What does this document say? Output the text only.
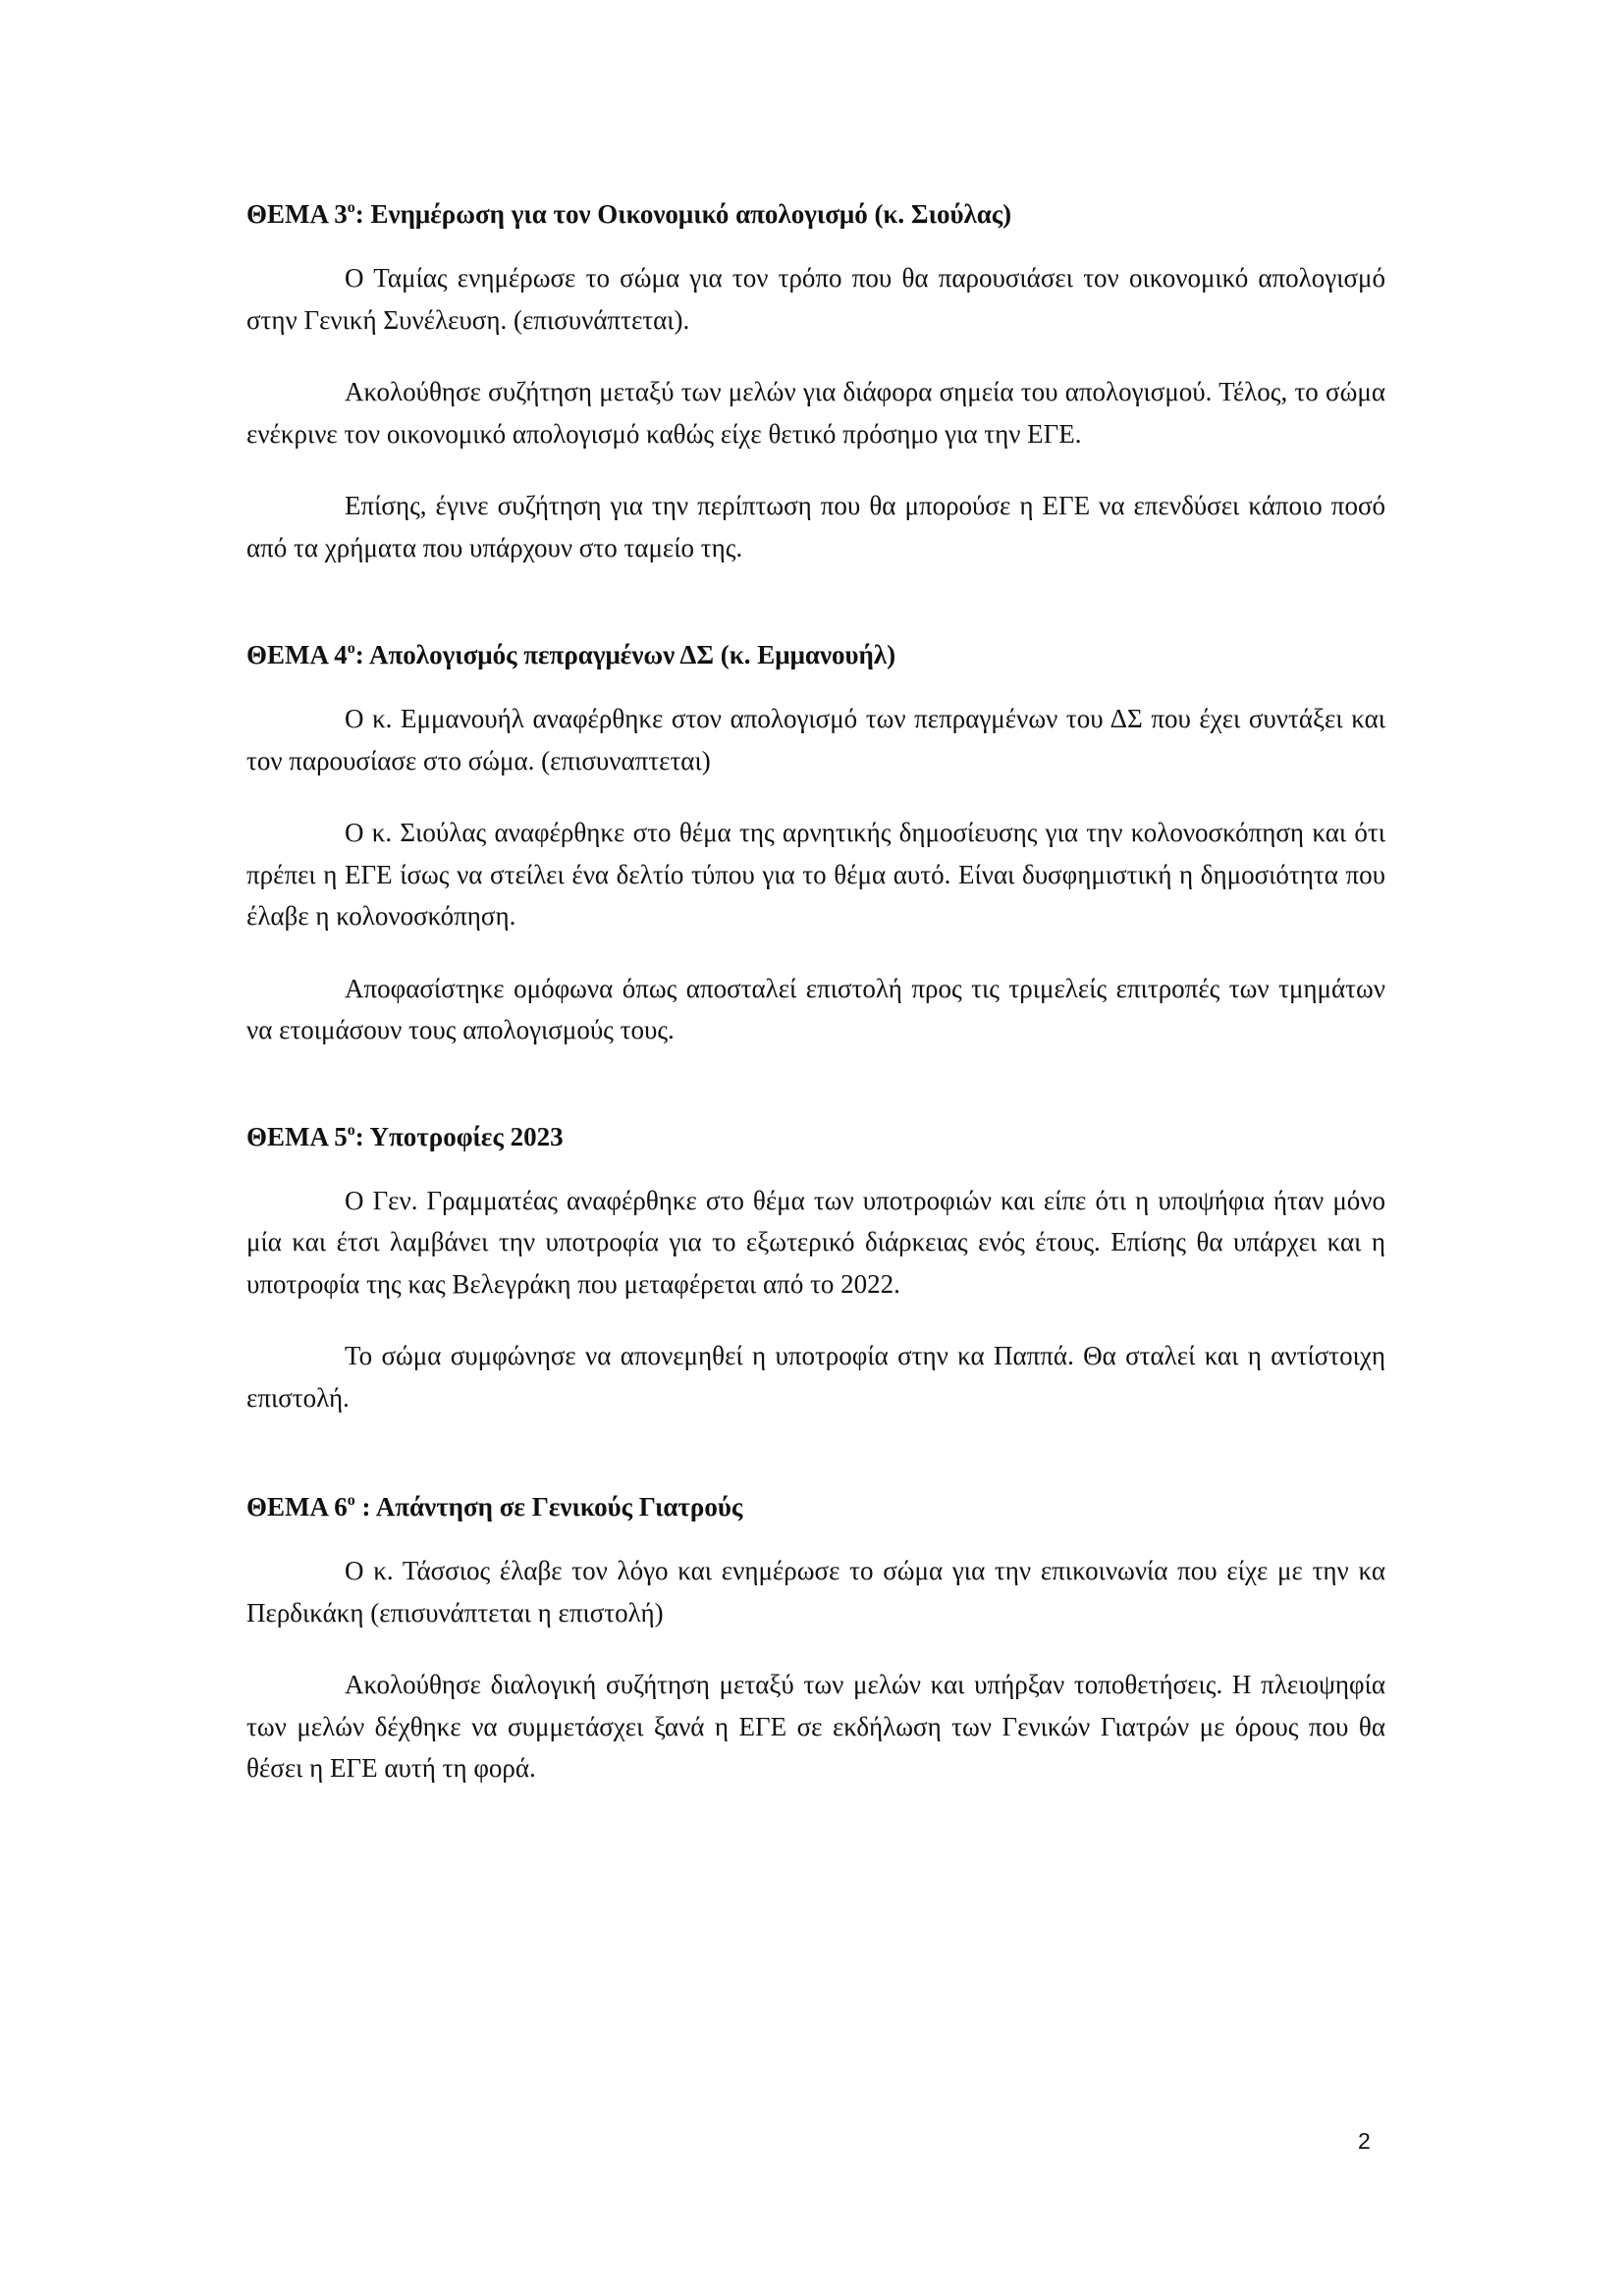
ΘΕΜΑ $3^o$: Ενημέρωση για τον Οικονομικό απολογισμό (κ. Σιούλας)

Ο Ταμίας ενημέρωσε το σώμα για τον τρόπο που θα παρουσιάσει τον οικονομικό απολογισμό στην Γενική Συνέλευση. (επισυνάπτεται).

Ακολούθησε συζήτηση μεταξύ των μελών για διάφορα σημεία του απολογισμού. Τέλος, το σώμα ενέκρινε τον οικονομικό απολογισμό καθώς είχε θετικό πρόσημο για την ΕΓΕ.

Επίσης, έγινε συζήτηση για την περίπτωση που θα μπορούσε η ΕΓΕ να επενδύσει κάποιο ποσό από τα χρήματα που υπάρχουν στο ταμείο της.

ΘΕΜΑ $4^o$: Απολογισμός πεπραγμένων ΔΣ (κ. Εμμανουήλ)

Ο κ. Εμμανουήλ αναφέρθηκε στον απολογισμό των πεπραγμένων του ΔΣ που έχει συντάξει και τον παρουσίασε στο σώμα. (επισυναπτεται)

Ο κ. Σιούλας αναφέρθηκε στο θέμα της αρνητικής δημοσίευσης για την κολονοσκόπηση και ότι πρέπει η ΕΓΕ ίσως να στείλει ένα δελτίο τύπου για το θέμα αυτό. Είναι δυσφημιστική η δημοσιότητα που έλαβε η κολονοσκόπηση.

Αποφασίστηκε ομόφωνα όπως αποσταλεί επιστολή προς τις τριμελείς επιτροπές των τμημάτων να ετοιμάσουν τους απολογισμούς τους.

ΘΕΜΑ $5^o$: Υποτροφίες 2023

Ο Γεν. Γραμματέας αναφέρθηκε στο θέμα των υποτροφιών και είπε ότι η υποψήφια ήταν μόνο μία και έτσι λαμβάνει την υποτροφία για το εξωτερικό διάρκειας ενός έτους. Επίσης θα υπάρχει και η υποτροφία της κας Βελεγράκη που μεταφέρεται από το 2022.

Το σώμα συμφώνησε να απονεμηθεί η υποτροφία στην κα Παππά. Θα σταλεί και η αντίστοιχη επιστολή.

ΘΕΜΑ $6^o$ : Απάντηση σε Γενικούς Γιατρούς

Ο κ. Τάσσιος έλαβε τον λόγο και ενημέρωσε το σώμα για την επικοινωνία που είχε με την κα Περδικάκη (επισυνάπτεται η επιστολή)

Ακολούθησε διαλογική συζήτηση μεταξύ των μελών και υπήρξαν τοποθετήσεις. Η πλειοψηφία των μελών δέχθηκε να συμμετάσχει ξανά η ΕΓΕ σε εκδήλωση των Γενικών Γιατρών με όρους που θα θέσει η ΕΓΕ αυτή τη φορά.

2
